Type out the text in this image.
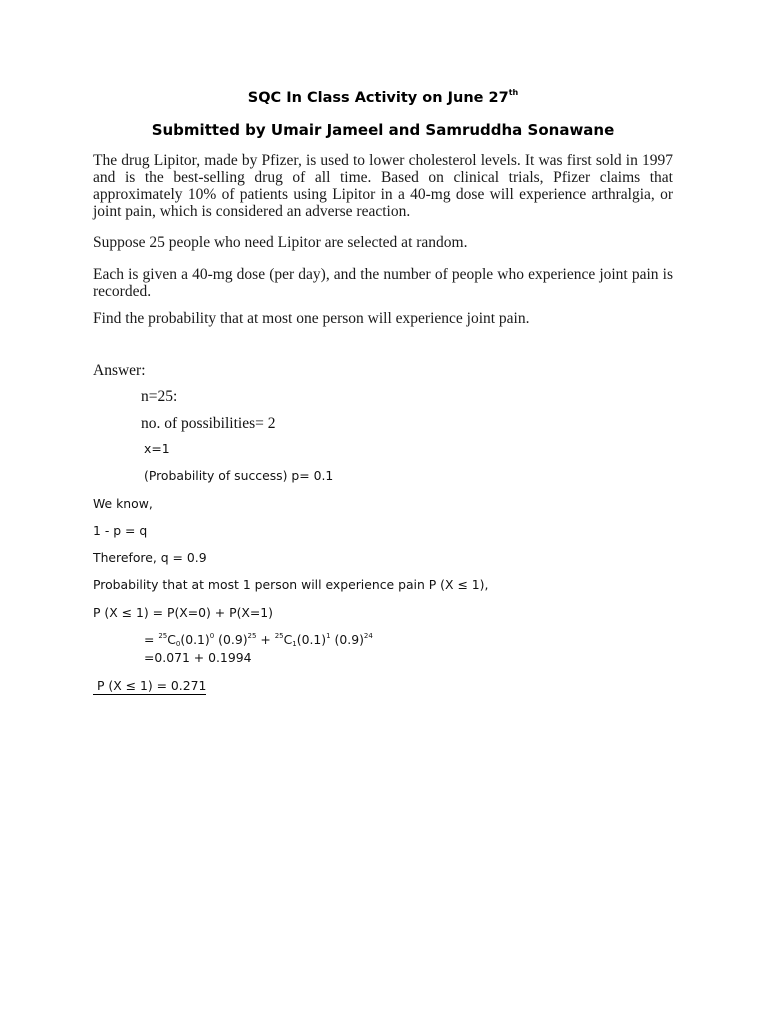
SQC In Class Activity on June 27th
Submitted by Umair Jameel and Samruddha Sonawane
The drug Lipitor, made by Pfizer, is used to lower cholesterol levels. It was first sold in 1997 and is the best-selling drug of all time. Based on clinical trials, Pfizer claims that approximately 10% of patients using Lipitor in a 40-mg dose will experience arthralgia, or joint pain, which is considered an adverse reaction.
Suppose 25 people who need Lipitor are selected at random.
Each is given a 40-mg dose (per day), and the number of people who experience joint pain is recorded.
Find the probability that at most one person will experience joint pain.
Answer:
n=25:
no. of possibilities= 2
x=1
(Probability of success) p= 0.1
We know,
1 - p = q
Therefore, q = 0.9
Probability that at most 1 person will experience pain P (X ≤ 1),
P (X ≤ 1) = P(X=0) + P(X=1)
= $^{25}C_0(0.1)^0$ $(0.9)^{25} + ^{25}C_1(0.1)^1$ $(0.9)^{24}$
=0.071 + 0.1994
P (X ≤ 1) = 0.271
